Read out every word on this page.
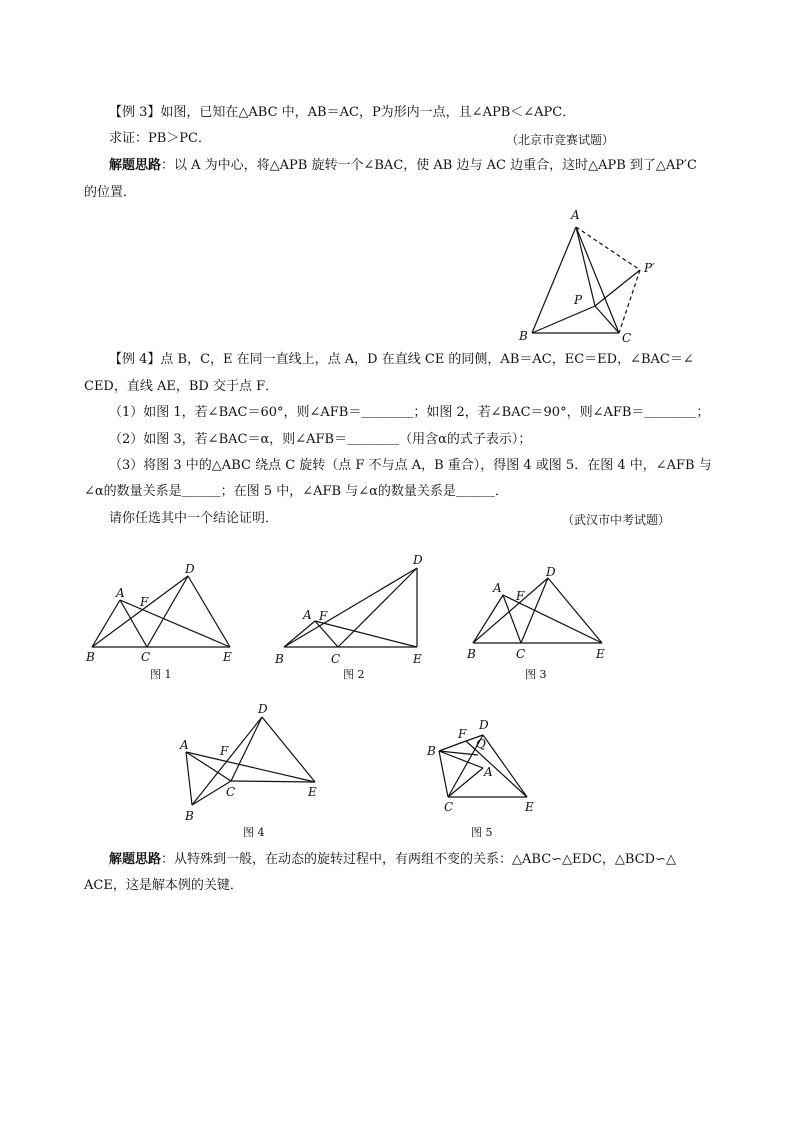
【例 3】如图，已知在△ABC 中，AB＝AC，P为形内一点，且∠APB＜∠APC．
求证：PB＞PC．	（北京市竞赛试题）
解题思路：以 A 为中心，将△APB 旋转一个∠BAC，使 AB 边与 AC 边重合，这时△APB 到了△AP′C
的位置．
A
B	C
P
P′
【例 4】点 B，C，E 在同一直线上，点 A，D 在直线 CE 的同侧，AB＝AC，EC＝ED，∠BAC＝∠
CED，直线 AE，BD 交于点 F．
（1）如图 1，若∠BAC＝60°，则∠AFB＝＿＿＿＿；如图 2，若∠BAC＝90°，则∠AFB＝＿＿＿＿；
（2）如图 3，若∠BAC＝α，则∠AFB＝＿＿＿＿（用含α的式子表示）；
（3）将图 3 中的△ABC 绕点 C 旋转（点 F 不与点 A，B 重合），得图 4 或图 5．在图 4 中，∠AFB 与
∠α的数量关系是＿＿＿；在图 5 中，∠AFB 与∠α的数量关系是＿＿＿．
请你任选其中一个结论证明．	（武汉市中考试题）
A
D
F
B	C	E
图 1
A F
D
B	C	E
图 2
A
D
F
B	C	E
图 3
A
D
F
C
B
E
图 4
D
F
Q
B
A
C	E
图 5
解题思路：从特殊到一般，在动态的旋转过程中，有两组不变的关系：△ABC∽△EDC，△BCD∽△
ACE，这是解本例的关键．
